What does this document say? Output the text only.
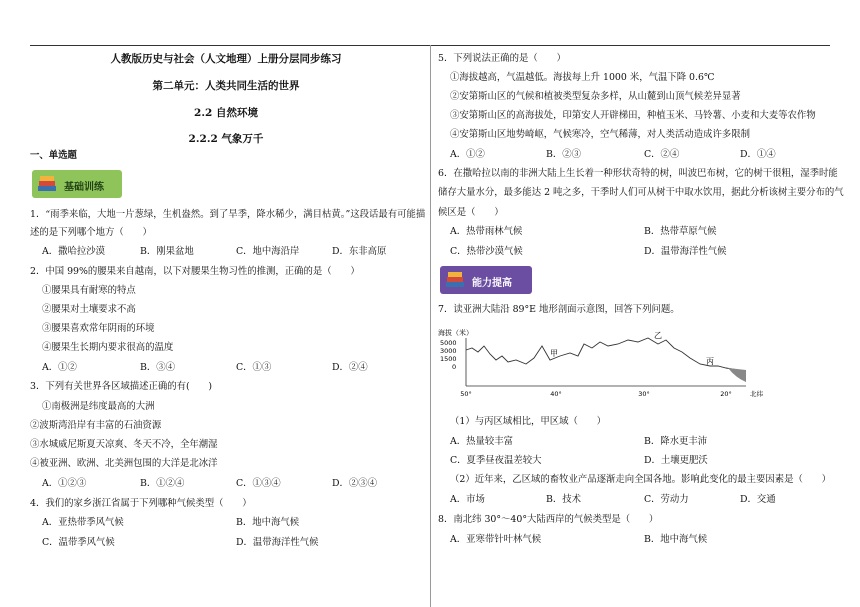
人教版历史与社会（人文地理）上册分层同步练习
第二单元：人类共同生活的世界
2.2 自然环境
2.2.2 气象万千
一、单选题
基础训练
1．“雨季来临，大地一片葱绿，生机盎然。到了旱季，降水稀少，满目枯黄。”这段话最有可能描
述的是下列哪个地方（　　）
A．撒哈拉沙漠	B．刚果盆地	C．地中海沿岸	D．东非高原
2．中国 99%的腰果来自越南，以下对腰果生物习性的推测，正确的是（　　）
①腰果具有耐寒的特点
②腰果对土壤要求不高
③腰果喜欢常年阴雨的环境
④腰果生长期内要求很高的温度
A．①②	B．③④	C．①③	D．②④
3．下列有关世界各区域描述正确的有(　　)
①南极洲是纬度最高的大洲
②波斯湾沿岸有丰富的石油资源
③水城威尼斯夏天凉爽、冬天不冷，全年潮湿
④被亚洲、欧洲、北美洲包围的大洋是北冰洋
A．①②③	B．①②④	C．①③④	D．②③④
4．我们的家乡浙江省属于下列哪种气候类型（　　）
A．亚热带季风气候	B．地中海气候
C．温带季风气候	D．温带海洋性气候
5．下列说法正确的是（　　）
①海拔越高，气温越低。海拔每上升 1000 米，气温下降 0.6℃
②安第斯山区的气候和植被类型复杂多样，从山麓到山顶气候差异显著
③安第斯山区的高海拔处，印第安人开辟梯田，种植玉米、马铃薯、小麦和大麦等农作物
④安第斯山区地势崎岖，气候寒冷，空气稀薄，对人类活动造成许多限制
A．①②	B．②③	C．②④	D．①④
6．在撒哈拉以南的非洲大陆上生长着一种形状奇特的树，叫波巴布树，它的树干很粗，湿季时能
储存大量水分，最多能达 2 吨之多，干季时人们可从树干中取水饮用，据此分析该树主要分布的气
候区是（　　）
A．热带雨林气候	B．热带草原气候
C．热带沙漠气候	D．温带海洋性气候
能力提高
7．读亚洲大陆沿 89°E 地形剖面示意图，回答下列问题。
海拔（米）
5000
3000
1500
0
甲
乙
丙
50°	40°	30°	20°	北纬
（1）与丙区域相比，甲区域（　　）
A．热量较丰富	B．降水更丰沛
C．夏季昼夜温差较大	D．土壤更肥沃
（2）近年来，乙区域的畜牧业产品逐渐走向全国各地。影响此变化的最主要因素是（　　）
A．市场	B．技术	C．劳动力	D．交通
8．南北纬 30°～40°大陆西岸的气候类型是（　　）
A．亚寒带针叶林气候	B．地中海气候
